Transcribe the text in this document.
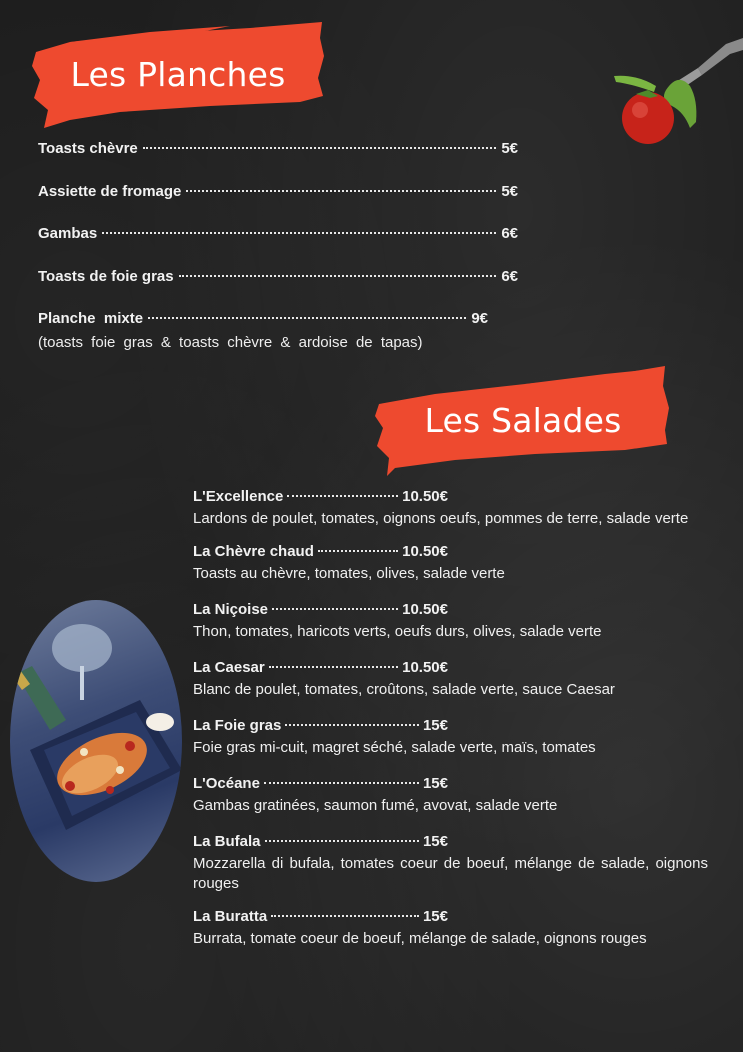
Les Planches
Toasts chèvre	5€
Assiette de fromage	5€
Gambas	6€
Toasts de foie gras	6€
Planche  mixte	9€
(toasts foie gras & toasts chèvre & ardoise de tapas)
Les Salades
L'Excellence	10.50€
Lardons de poulet, tomates, oignons oeufs, pommes de terre, salade verte
La Chèvre chaud	10.50€
Toasts au chèvre, tomates, olives, salade verte
La Niçoise	10.50€
Thon, tomates, haricots verts, oeufs durs, olives, salade verte
La Caesar	10.50€
Blanc de poulet, tomates, croûtons, salade verte, sauce Caesar
La Foie gras	15€
Foie gras mi-cuit, magret séché, salade verte, maïs, tomates
L'Océane	15€
Gambas gratinées, saumon fumé, avovat, salade verte
La Bufala	15€
Mozzarella di bufala, tomates coeur de boeuf, mélange de salade, oignons rouges
La Buratta	15€
Burrata, tomate coeur de boeuf, mélange de salade, oignons rouges
